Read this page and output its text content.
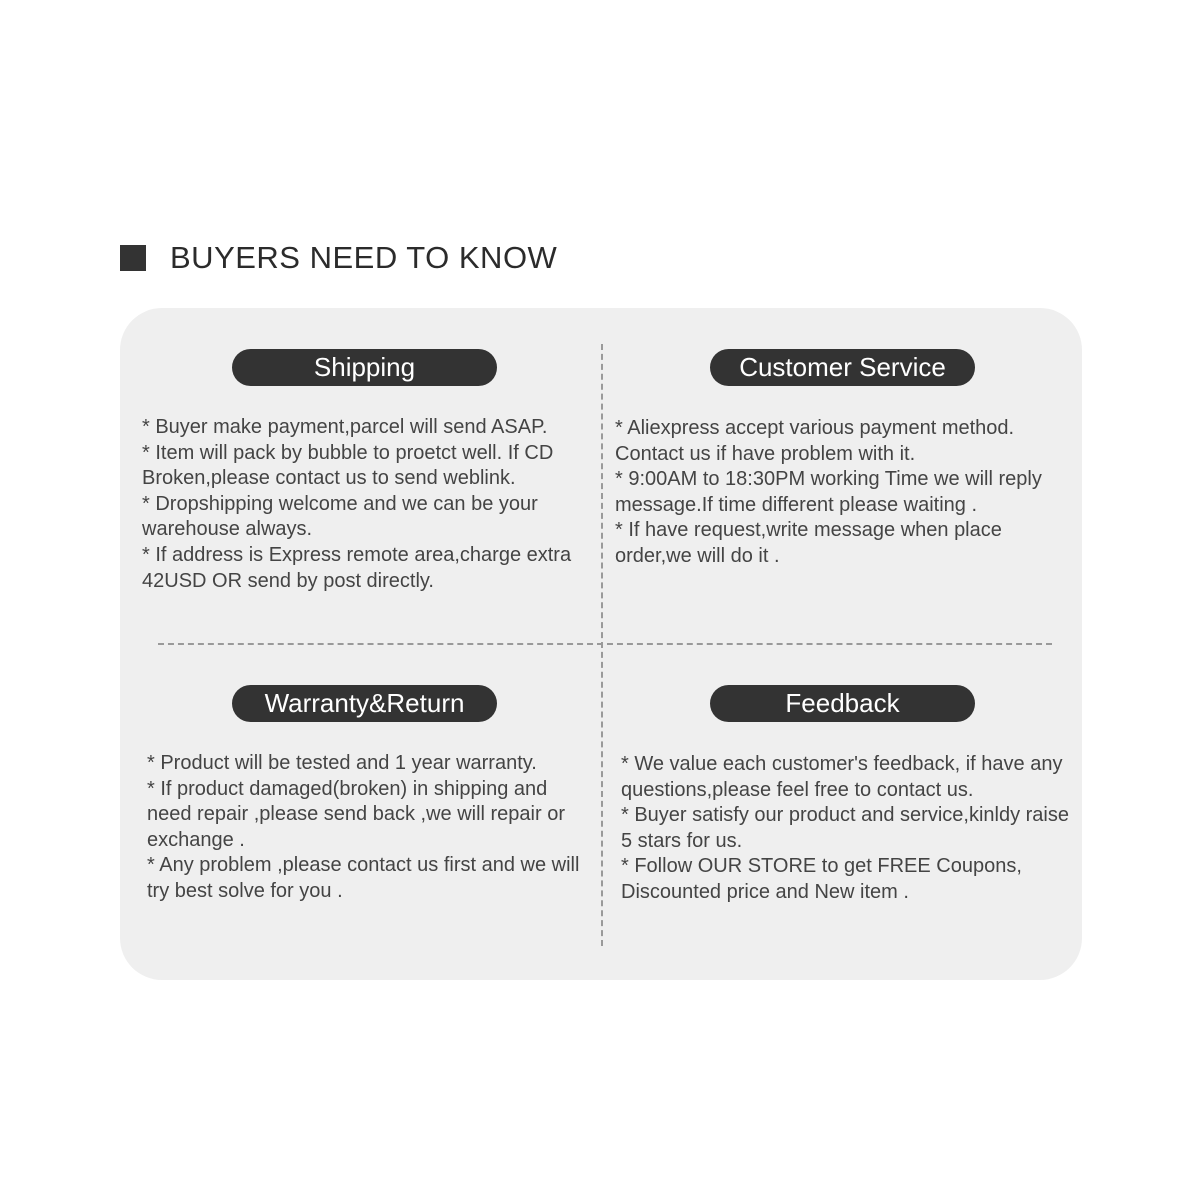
BUYERS NEED TO KNOW
Shipping
* Buyer make payment,parcel will send ASAP.
* Item will pack by bubble to proetct well. If CD Broken,please contact us to send weblink.
* Dropshipping welcome and we can be your warehouse always.
* If address is Express remote area,charge extra 42USD OR send by post directly.
Customer Service
* Aliexpress accept various payment method. Contact us if have problem with it.
* 9:00AM to 18:30PM working Time we will reply message.If time different please waiting .
* If have request,write message when place order,we will do it .
Warranty&Return
* Product will be tested and 1 year warranty.
* If product damaged(broken) in shipping and need repair ,please send back ,we will repair or exchange .
* Any problem ,please contact us first and we will try best solve for you .
Feedback
* We value each customer's feedback, if have any questions,please feel free to contact us.
* Buyer satisfy our product and service,kinldy raise 5 stars for us.
* Follow OUR STORE to get FREE Coupons, Discounted price and New item .
